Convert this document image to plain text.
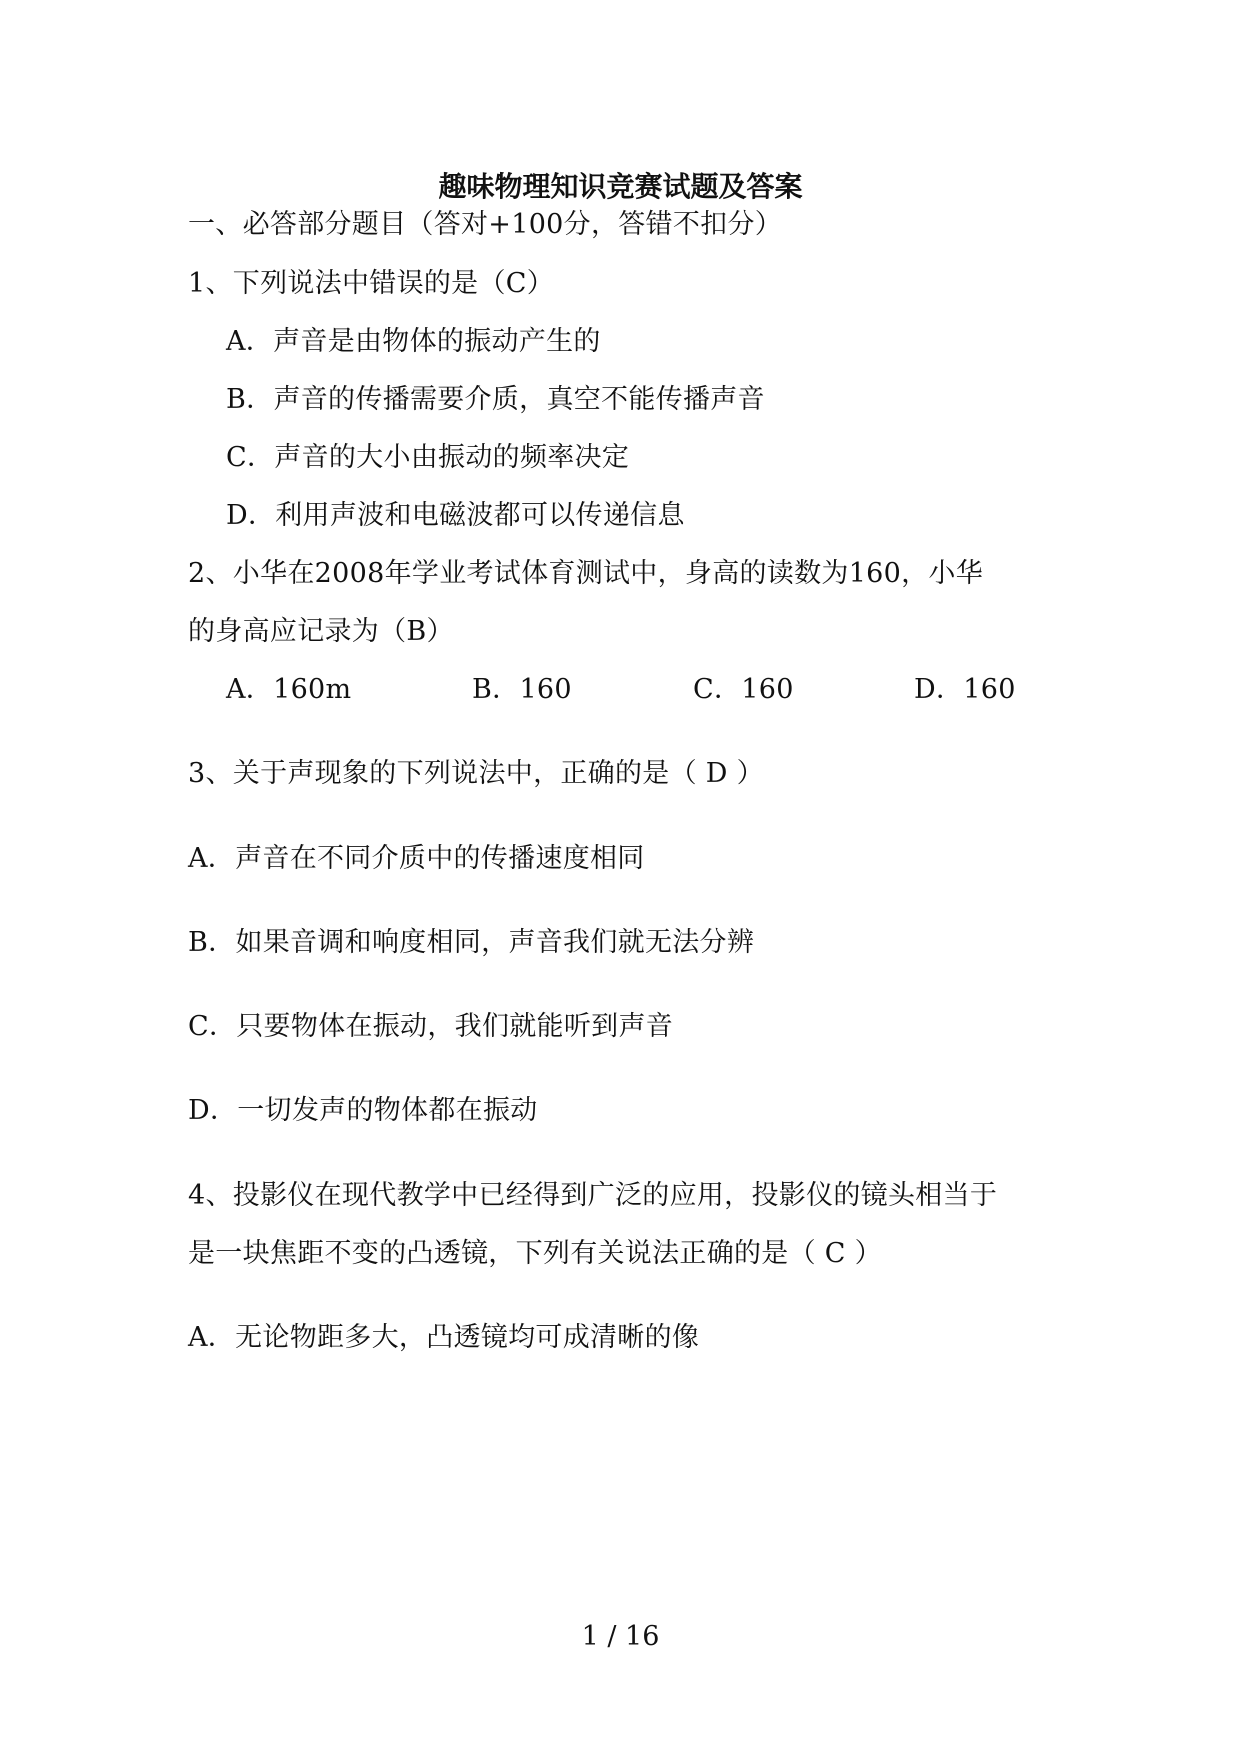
趣味物理知识竞赛试题及答案
一、必答部分题目（答对+100分，答错不扣分）
1、下列说法中错误的是（C）
A．声音是由物体的振动产生的
B．声音的传播需要介质，真空不能传播声音
C．声音的大小由振动的频率决定
D．利用声波和电磁波都可以传递信息
2、小华在2008年学业考试体育测试中，身高的读数为160，小华
的身高应记录为（B）
A．160m	B．160	C．160	D．160
3、关于声现象的下列说法中，正确的是（ D ）
A．声音在不同介质中的传播速度相同
B．如果音调和响度相同，声音我们就无法分辨
C．只要物体在振动，我们就能听到声音
D．一切发声的物体都在振动
4、投影仪在现代教学中已经得到广泛的应用，投影仪的镜头相当于
是一块焦距不变的凸透镜，下列有关说法正确的是（ C ）
A．无论物距多大，凸透镜均可成清晰的像
1 / 16
